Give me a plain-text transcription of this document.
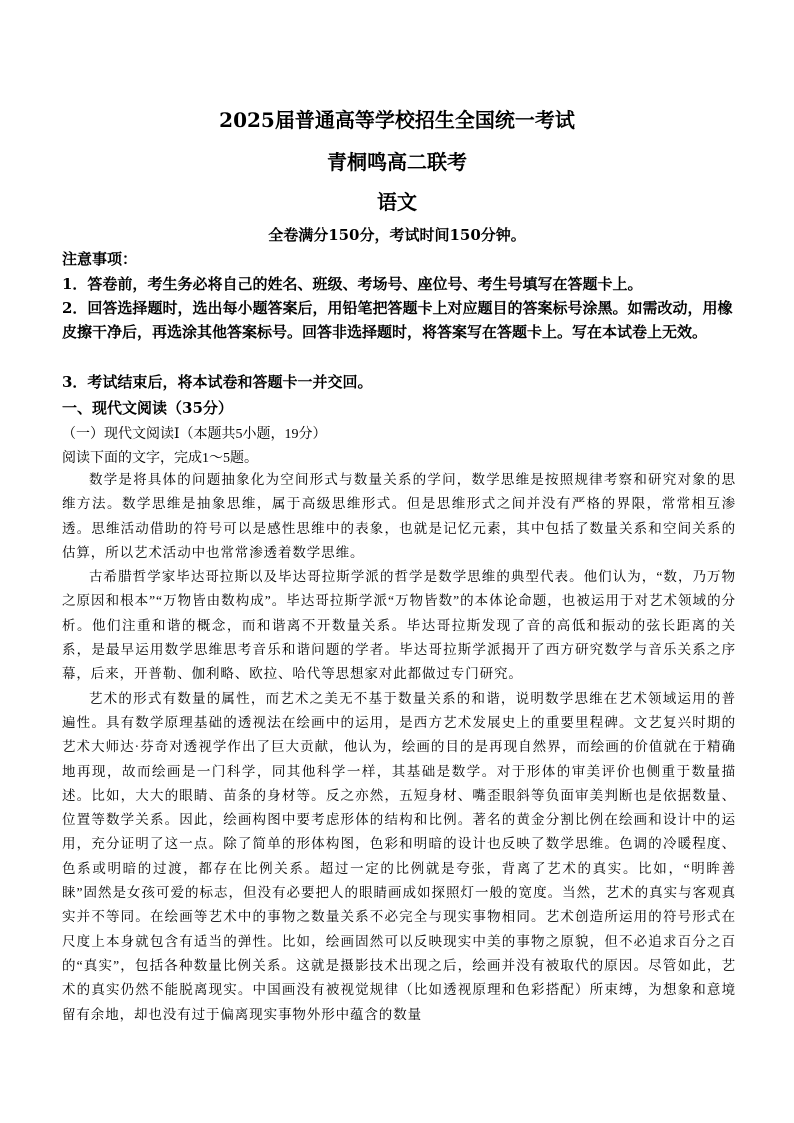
2025届普通高等学校招生全国统一考试
青桐鸣高二联考
语文
全卷满分150分，考试时间150分钟。
注意事项：
1．答卷前，考生务必将自己的姓名、班级、考场号、座位号、考生号填写在答题卡上。
2．回答选择题时，选出每小题答案后，用铅笔把答题卡上对应题目的答案标号涂黑。如需改动，用橡皮擦干净后，再选涂其他答案标号。回答非选择题时，将答案写在答题卡上。写在本试卷上无效。
3．考试结束后，将本试卷和答题卡一并交回。
一、现代文阅读（35分）
（一）现代文阅读Ⅰ（本题共5小题，19分）
阅读下面的文字，完成1～5题。

数学是将具体的问题抽象化为空间形式与数量关系的学问，数学思维是按照规律考察和研究对象的思维方法。数学思维是抽象思维，属于高级思维形式。但是思维形式之间并没有严格的界限，常常相互渗透。思维活动借助的符号可以是感性思维中的表象，也就是记忆元素，其中包括了数量关系和空间关系的估算，所以艺术活动中也常常渗透着数学思维。

古希腊哲学家毕达哥拉斯以及毕达哥拉斯学派的哲学是数学思维的典型代表。他们认为，“数，乃万物之原因和根本”“万物皆由数构成”。毕达哥拉斯学派“万物皆数”的本体论命题，也被运用于对艺术领域的分析。他们注重和谐的概念，而和谐离不开数量关系。毕达哥拉斯发现了音的高低和振动的弦长距离的关系，是最早运用数学思维思考音乐和谐问题的学者。毕达哥拉斯学派揭开了西方研究数学与音乐关系之序幕，后来，开普勒、伽利略、欧拉、哈代等思想家对此都做过专门研究。

艺术的形式有数量的属性，而艺术之美无不基于数量关系的和谐，说明数学思维在艺术领域运用的普遍性。具有数学原理基础的透视法在绘画中的运用，是西方艺术发展史上的重要里程碑。文艺复兴时期的艺术大师达·芬奇对透视学作出了巨大贡献，他认为，绘画的目的是再现自然界，而绘画的价值就在于精确地再现，故而绘画是一门科学，同其他科学一样，其基础是数学。对于形体的审美评价也侧重于数量描述。比如，大大的眼睛、苗条的身材等。反之亦然，五短身材、嘴歪眼斜等负面审美判断也是依据数量、位置等数学关系。因此，绘画构图中要考虑形体的结构和比例。著名的黄金分割比例在绘画和设计中的运用，充分证明了这一点。除了简单的形体构图，色彩和明暗的设计也反映了数学思维。色调的冷暖程度、色系或明暗的过渡，都存在比例关系。超过一定的比例就是夸张，背离了艺术的真实。比如，“明眸善睐”固然是女孩可爱的标志，但没有必要把人的眼睛画成如探照灯一般的宽度。当然，艺术的真实与客观真实并不等同。在绘画等艺术中的事物之数量关系不必完全与现实事物相同。艺术创造所运用的符号形式在尺度上本身就包含有适当的弹性。比如，绘画固然可以反映现实中美的事物之原貌，但不必追求百分之百的“真实”，包括各种数量比例关系。这就是摄影技术出现之后，绘画并没有被取代的原因。尽管如此，艺术的真实仍然不能脱离现实。中国画没有被视觉规律（比如透视原理和色彩搭配）所束缚，为想象和意境留有余地，却也没有过于偏离现实事物外形中蕴含的数量
